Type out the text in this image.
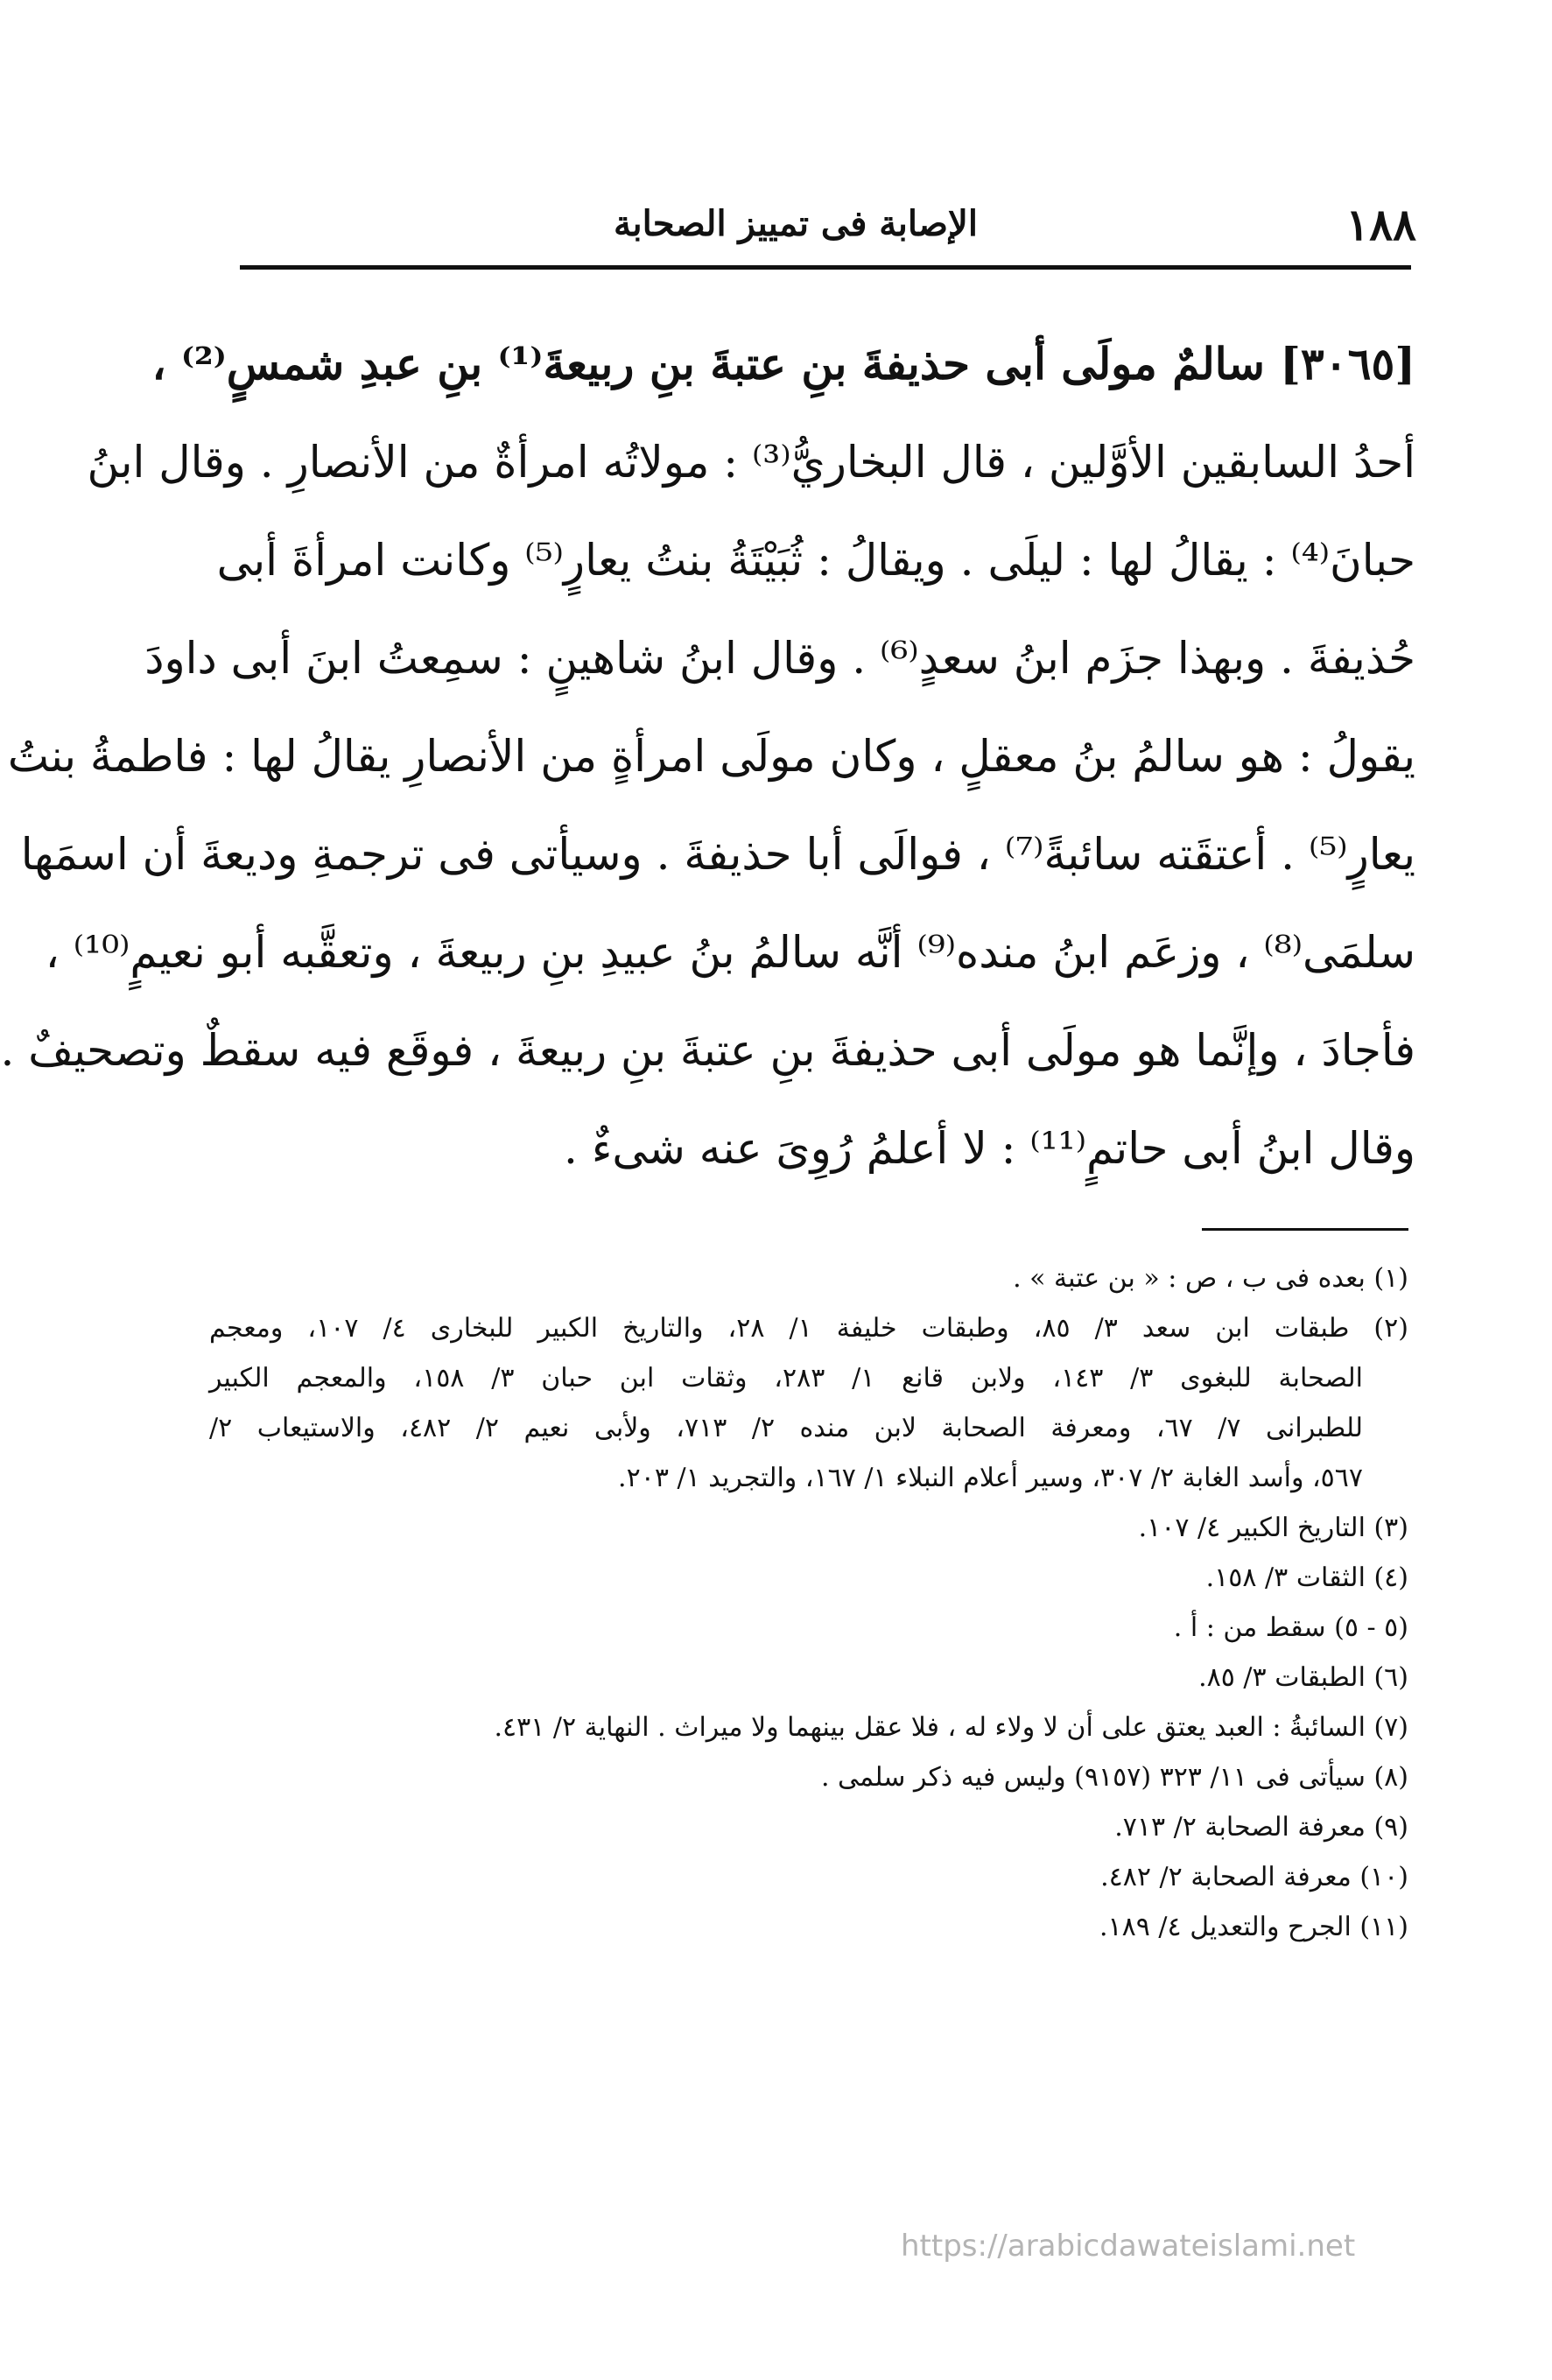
١٨٨
الإصابة فى تمييز الصحابة
[٣٠٦٥] سالمٌ مولَى أبى حذيفةَ بنِ عتبةَ بنِ ربيعةَ⁽¹⁾ بنِ عبدِ شمسٍ⁽²⁾ ،
أحدُ السابقين الأوَّلين ، قال البخاريُّ⁽³⁾ : مولاتُه امرأةٌ من الأنصارِ . وقال ابنُ
حبانَ⁽⁴⁾ : يقالُ لها : ليلَى . ويقالُ : ثُبَيْتَةُ بنتُ يعارٍ⁽⁵⁾ وكانت امرأةَ أبى
حُذيفةَ . وبهذا جزَم ابنُ سعدٍ⁽⁶⁾ . وقال ابنُ شاهينٍ : سمِعتُ ابنَ أبى داودَ
يقولُ : هو سالمُ بنُ معقلٍ ، وكان مولَى امرأةٍ من الأنصارِ يقالُ لها : فاطمةُ بنتُ
يعارٍ⁽⁵⁾ . أعتقَته سائبةً⁽⁷⁾ ، فوالَى أبا حذيفةَ . وسيأتى فى ترجمةِ وديعةَ أن اسمَها
سلمَى⁽⁸⁾ ، وزعَم ابنُ منده⁽⁹⁾ أنَّه سالمُ بنُ عبيدِ بنِ ربيعةَ ، وتعقَّبه أبو نعيمٍ⁽¹⁰⁾ ،
فأجادَ ، وإنَّما هو مولَى أبى حذيفةَ بنِ عتبةَ بنِ ربيعةَ ، فوقَع فيه سقطٌ وتصحيفٌ .
وقال ابنُ أبى حاتمٍ⁽¹¹⁾ : لا أعلمُ رُوِىَ عنه شىءٌ .
(١) بعده فى ب ، ص : « بن عتبة » .
(٢) طبقات ابن سعد ٣/ ٨٥، وطبقات خليفة ١/ ٢٨، والتاريخ الكبير للبخارى ٤/ ١٠٧، ومعجم
الصحابة للبغوى ٣/ ١٤٣، ولابن قانع ١/ ٢٨٣، وثقات ابن حبان ٣/ ١٥٨، والمعجم الكبير
للطبرانى ٧/ ٦٧، ومعرفة الصحابة لابن منده ٢/ ٧١٣، ولأبى نعيم ٢/ ٤٨٢، والاستيعاب ٢/
٥٦٧، وأسد الغابة ٢/ ٣٠٧، وسير أعلام النبلاء ١/ ١٦٧، والتجريد ١/ ٢٠٣.
(٣) التاريخ الكبير ٤/ ١٠٧.
(٤) الثقات ٣/ ١٥٨.
(٥ - ٥) سقط من : أ .
(٦) الطبقات ٣/ ٨٥.
(٧) السائبةُ : العبد يعتق على أن لا ولاء له ، فلا عقل بينهما ولا ميراث . النهاية ٢/ ٤٣١.
(٨) سيأتى فى ١١/ ٣٢٣ (٩١٥٧) وليس فيه ذكر سلمى .
(٩) معرفة الصحابة ٢/ ٧١٣.
(١٠) معرفة الصحابة ٢/ ٤٨٢.
(١١) الجرح والتعديل ٤/ ١٨٩.
https://arabicdawateislami.net
